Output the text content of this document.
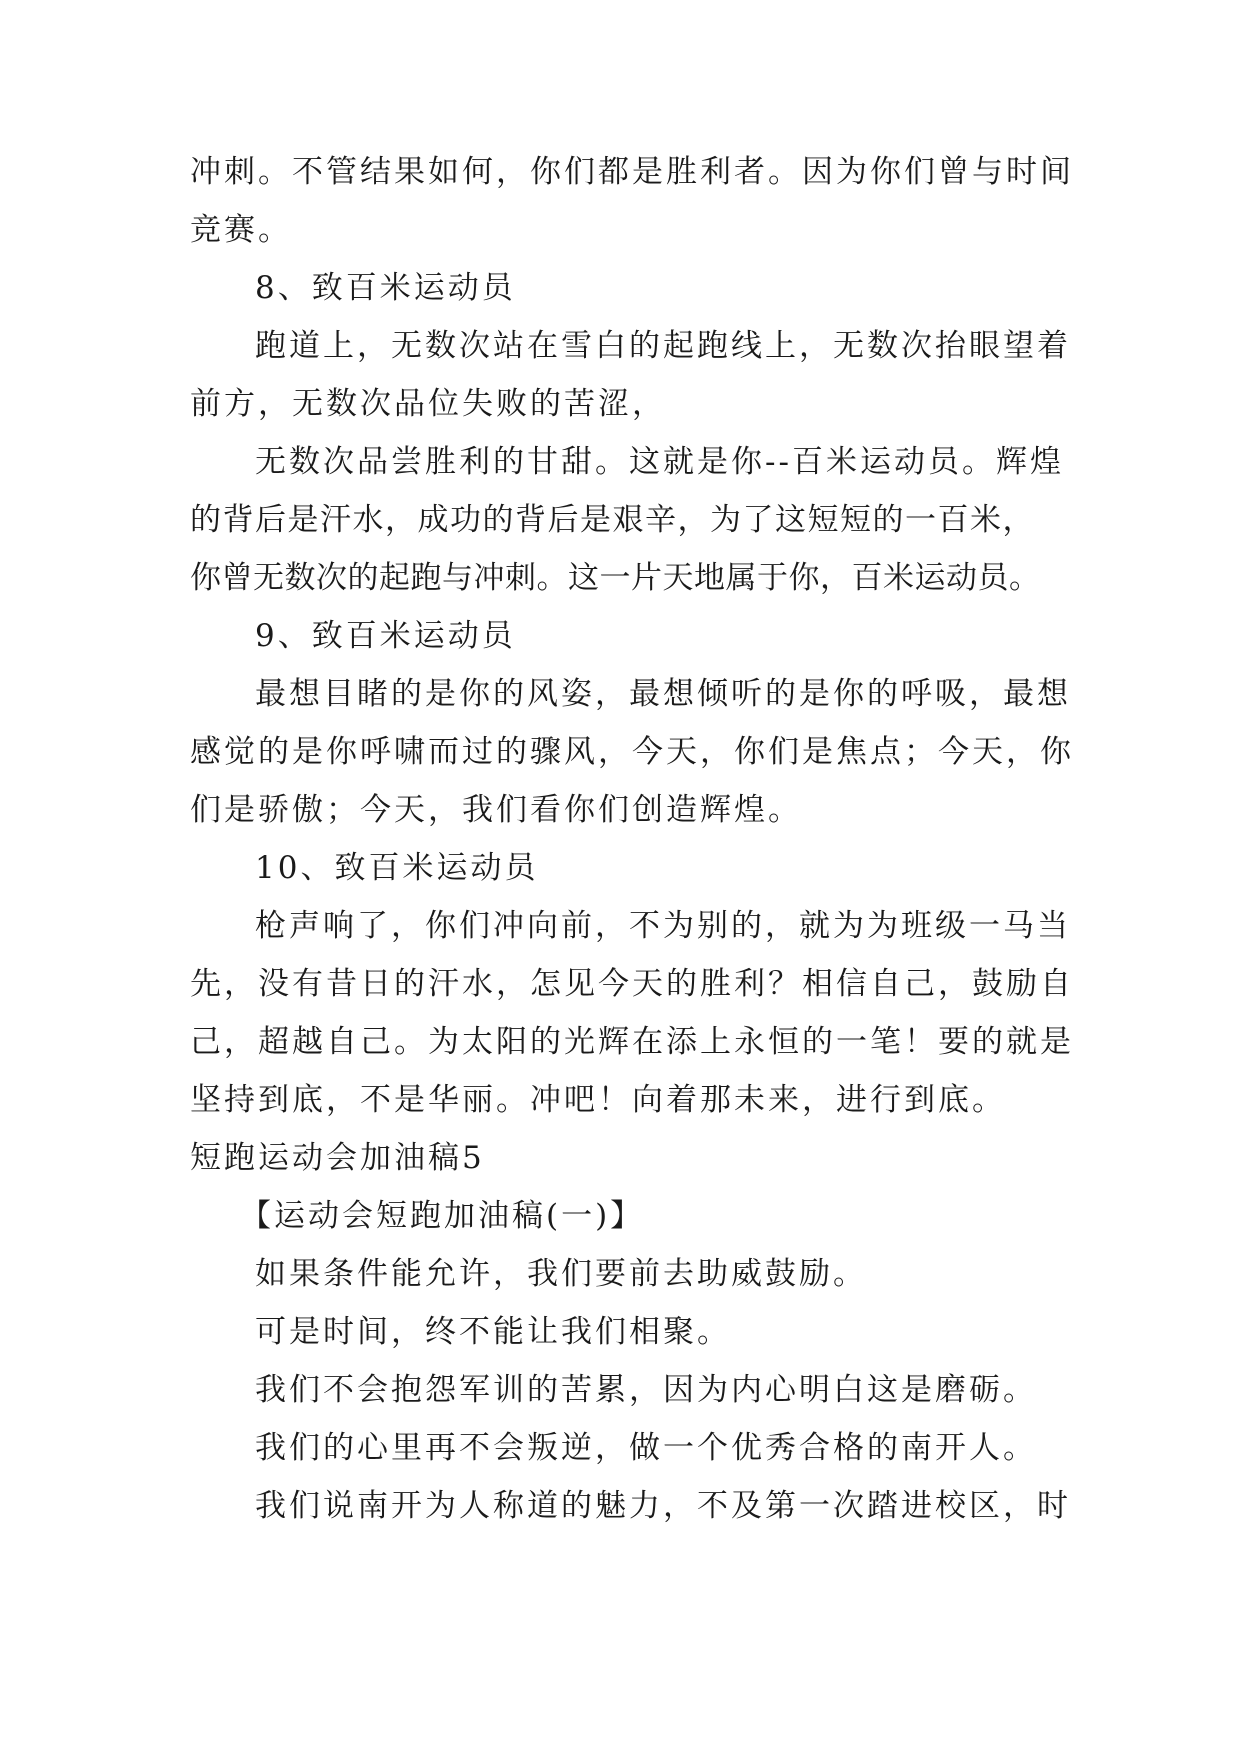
冲刺。不管结果如何，你们都是胜利者。因为你们曾与时间
竞赛。
8、致百米运动员
跑道上，无数次站在雪白的起跑线上，无数次抬眼望着
前方，无数次品位失败的苦涩，
无数次品尝胜利的甘甜。这就是你--百米运动员。辉煌
的背后是汗水，成功的背后是艰辛，为了这短短的一百米，
你曾无数次的起跑与冲刺。这一片天地属于你，百米运动员。
9、致百米运动员
最想目睹的是你的风姿，最想倾听的是你的呼吸，最想
感觉的是你呼啸而过的骤风，今天，你们是焦点；今天，你
们是骄傲；今天，我们看你们创造辉煌。
10、致百米运动员
枪声响了，你们冲向前，不为别的，就为为班级一马当
先，没有昔日的汗水，怎见今天的胜利？相信自己，鼓励自
己，超越自己。为太阳的光辉在添上永恒的一笔！要的就是
坚持到底，不是华丽。冲吧！向着那未来，进行到底。
短跑运动会加油稿5
【运动会短跑加油稿(一)】
如果条件能允许，我们要前去助威鼓励。
可是时间，终不能让我们相聚。
我们不会抱怨军训的苦累，因为内心明白这是磨砺。
我们的心里再不会叛逆，做一个优秀合格的南开人。
我们说南开为人称道的魅力，不及第一次踏进校区，时
